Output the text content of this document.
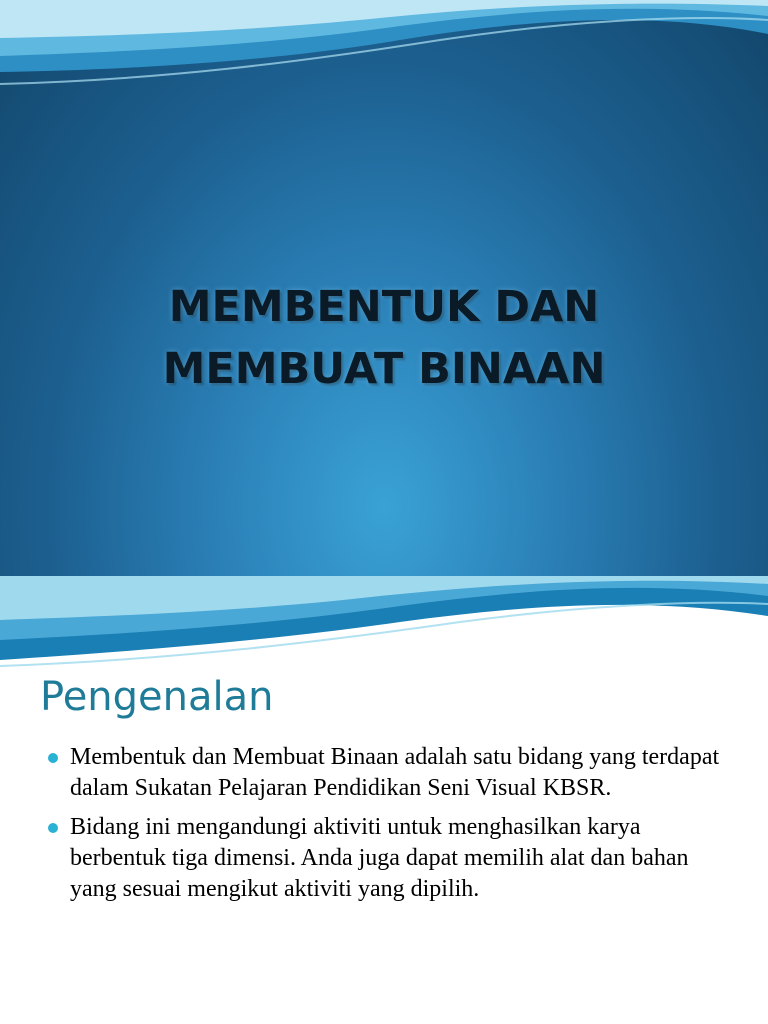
MEMBENTUK DAN
MEMBUAT BINAAN
Pengenalan
Membentuk dan Membuat Binaan adalah satu bidang yang terdapat dalam Sukatan Pelajaran Pendidikan Seni Visual KBSR.
Bidang ini mengandungi aktiviti untuk menghasilkan karya berbentuk tiga dimensi. Anda juga dapat memilih alat dan bahan yang sesuai mengikut aktiviti yang dipilih.
